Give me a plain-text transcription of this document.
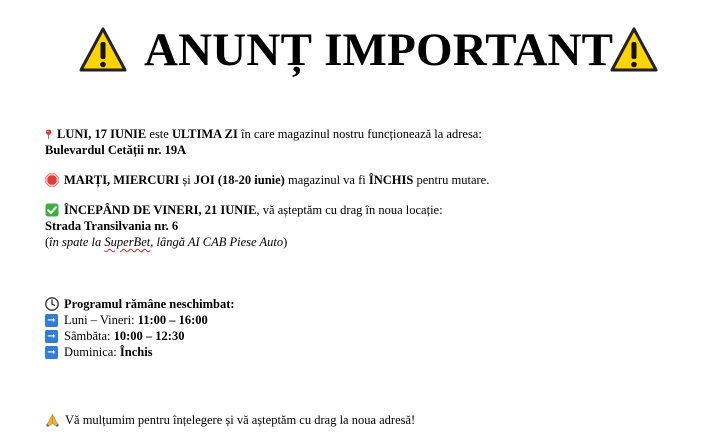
ANUNȚ IMPORTANT
LUNI, 17 IUNIE este ULTIMA ZI în care magazinul nostru funcționează la adresa:
Bulevardul Cetății nr. 19A
MARȚI, MIERCURI și JOI (18-20 iunie) magazinul va fi ÎNCHIS pentru mutare.
ÎNCEPÂND DE VINERI, 21 IUNIE , vă așteptăm cu drag în noua locație:
Strada Transilvania nr. 6
( în spate la SuperBet , lângă AI CAB Piese Auto )
Programul rămâne neschimbat:
➞ Luni – Vineri: 11:00 – 16:00
➞ Sâmbăta: 10:00 – 12:30
➞ Duminica: Închis
Vă mulțumim pentru înțelegere și vă așteptăm cu drag la noua adresă!
